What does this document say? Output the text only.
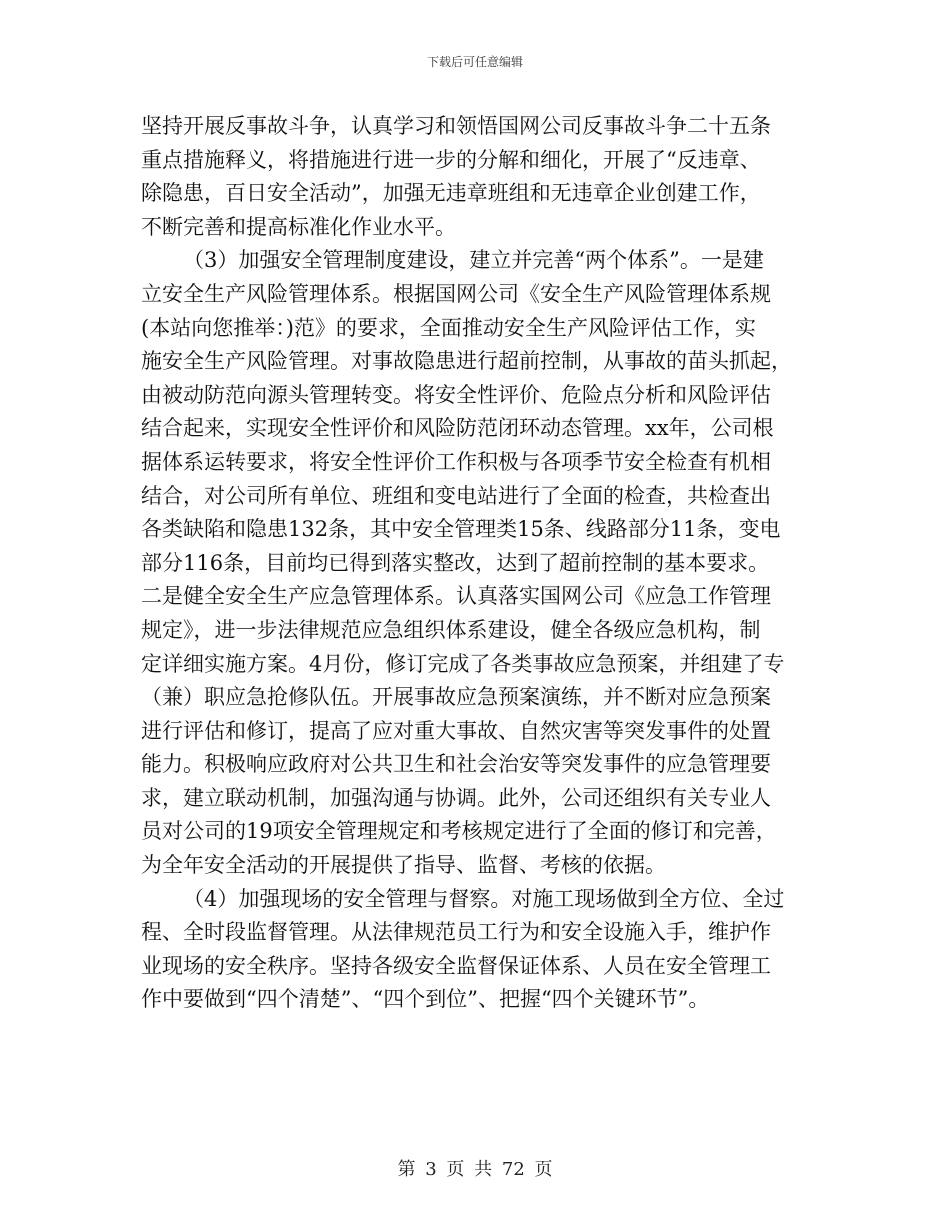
下载后可任意编辑
坚持开展反事故斗争，认真学习和领悟国网公司反事故斗争二十五条
重点措施释义，将措施进行进一步的分解和细化，开展了“反违章、
除隐患，百日安全活动”，加强无违章班组和无违章企业创建工作，
不断完善和提高标准化作业水平。
（3）加强安全管理制度建设，建立并完善“两个体系”。一是建
立安全生产风险管理体系。根据国网公司《安全生产风险管理体系规
(本站向您推举：)范》的要求，全面推动安全生产风险评估工作，实
施安全生产风险管理。对事故隐患进行超前控制，从事故的苗头抓起，
由被动防范向源头管理转变。将安全性评价、危险点分析和风险评估
结合起来，实现安全性评价和风险防范闭环动态管理。xx年，公司根
据体系运转要求，将安全性评价工作积极与各项季节安全检查有机相
结合，对公司所有单位、班组和变电站进行了全面的检查，共检查出
各类缺陷和隐患132条，其中安全管理类15条、线路部分11条，变电
部分116条，目前均已得到落实整改，达到了超前控制的基本要求。
二是健全安全生产应急管理体系。认真落实国网公司《应急工作管理
规定》，进一步法律规范应急组织体系建设，健全各级应急机构，制
定详细实施方案。4月份，修订完成了各类事故应急预案，并组建了专
（兼）职应急抢修队伍。开展事故应急预案演练，并不断对应急预案
进行评估和修订，提高了应对重大事故、自然灾害等突发事件的处置
能力。积极响应政府对公共卫生和社会治安等突发事件的应急管理要
求，建立联动机制，加强沟通与协调。此外，公司还组织有关专业人
员对公司的19项安全管理规定和考核规定进行了全面的修订和完善，
为全年安全活动的开展提供了指导、监督、考核的依据。
（4）加强现场的安全管理与督察。对施工现场做到全方位、全过
程、全时段监督管理。从法律规范员工行为和安全设施入手，维护作
业现场的安全秩序。坚持各级安全监督保证体系、人员在安全管理工
作中要做到“四个清楚”、“四个到位”、把握“四个关键环节”。
第 3 页 共 72 页
